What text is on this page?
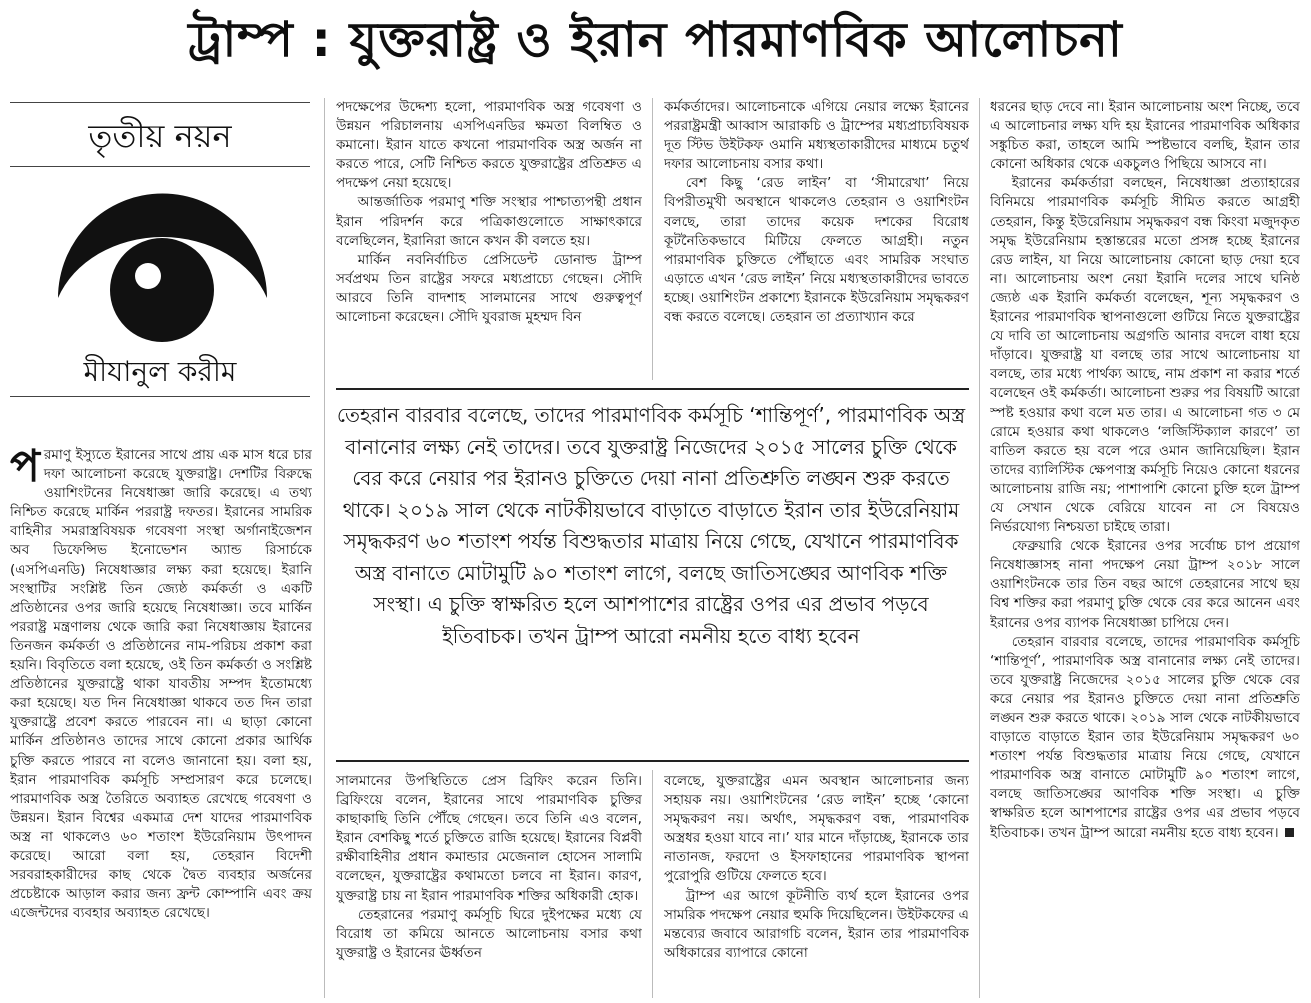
ট্রাম্প : যুক্তরাষ্ট্র ও ইরান পারমাণবিক আলোচনা
তৃতীয় নয়ন
মীযানুল করীম

পরমাণু ইস্যুতে ইরানের সাথে প্রায় এক মাস ধরে চার দফা আলোচনা করেছে যুক্তরাষ্ট্র। দেশটির বিরুদ্ধে ওয়াশিংটনের নিষেধাজ্ঞা জারি করেছে। এ তথ্য নিশ্চিত করেছে মার্কিন পররাষ্ট্র দফতর। ইরানের সামরিক বাহিনীর সমরাস্ত্রবিষয়ক গবেষণা সংস্থা অর্গানাইজেশন অব ডিফেন্সিভ ইনোভেশন অ্যান্ড রিসার্চকে (এসপিএনডি) নিষেধাজ্ঞার লক্ষ্য করা হয়েছে। ইরানি সংস্থাটির সংশ্লিষ্ট তিন জ্যেষ্ঠ কর্মকর্তা ও একটি প্রতিষ্ঠানের ওপর জারি হয়েছে নিষেধাজ্ঞা। তবে মার্কিন পররাষ্ট্র মন্ত্রণালয় থেকে জারি করা নিষেধাজ্ঞায় ইরানের তিনজন কর্মকর্তা ও প্রতিষ্ঠানের নাম-পরিচয় প্রকাশ করা হয়নি। বিবৃতিতে বলা হয়েছে, ওই তিন কর্মকর্তা ও সংশ্লিষ্ট প্রতিষ্ঠানের যুক্তরাষ্ট্রে থাকা যাবতীয় সম্পদ ইতোমধ্যে করা হয়েছে। যত দিন নিষেধাজ্ঞা থাকবে তত দিন তারা যুক্তরাষ্ট্রে প্রবেশ করতে পারবেন না। এ ছাড়া কোনো মার্কিন প্রতিষ্ঠানও তাদের সাথে কোনো প্রকার আর্থিক চুক্তি করতে পারবে না বলেও জানানো হয়। বলা হয়, ইরান পারমাণবিক কর্মসূচি সম্প্রসারণ করে চলেছে। পারমাণবিক অস্ত্র তৈরিতে অব্যাহত রেখেছে গবেষণা ও উন্নয়ন। ইরান বিশ্বের একমাত্র দেশ যাদের পারমাণবিক অস্ত্র না থাকলেও ৬০ শতাংশ ইউরেনিয়াম উৎপাদন করেছে। আরো বলা হয়, তেহরান বিদেশী সরবরাহকারীদের কাছ থেকে দ্বৈত ব্যবহার অর্জনের প্রচেষ্টাকে আড়াল করার জন্য ফ্রন্ট কোম্পানি এবং ক্রয় এজেন্টদের ব্যবহার অব্যাহত রেখেছে।

পদক্ষেপের উদ্দেশ্য হলো, পারমাণবিক অস্ত্র গবেষণা ও উন্নয়ন পরিচালনায় এসপিএনডির ক্ষমতা বিলম্বিত ও কমানো। ইরান যাতে কখনো পারমাণবিক অস্ত্র অর্জন না করতে পারে, সেটি নিশ্চিত করতে যুক্তরাষ্ট্রের প্রতিশ্রুত এ পদক্ষেপ নেয়া হয়েছে।

আন্তর্জাতিক পরমাণু শক্তি সংস্থার পাশ্চাত্যপন্থী প্রধান ইরান পরিদর্শন করে পত্রিকাগুলোতে সাক্ষাৎকারে বলেছিলেন, ইরানিরা জানে কখন কী বলতে হয়।

মার্কিন নবনির্বাচিত প্রেসিডেন্ট ডোনাল্ড ট্রাম্প সর্বপ্রথম তিন রাষ্ট্রের সফরে মধ্যপ্রাচ্যে গেছেন। সৌদি আরবে তিনি বাদশাহ সালমানের সাথে গুরুত্বপূর্ণ আলোচনা করেছেন। সৌদি যুবরাজ মুহম্মদ বিন

কর্মকর্তাদের। আলোচনাকে এগিয়ে নেয়ার লক্ষ্যে ইরানের পররাষ্ট্রমন্ত্রী আব্বাস আরাকচি ও ট্রাম্পের মধ্যপ্রাচ্যবিষয়ক দূত স্টিভ উইটকফ ওমানি মধ্যস্থতাকারীদের মাধ্যমে চতুর্থ দফার আলোচনায় বসার কথা।

বেশ কিছু ‘রেড লাইন’ বা ‘সীমারেখা’ নিয়ে বিপরীতমুখী অবস্থানে থাকলেও তেহরান ও ওয়াশিংটন বলছে, তারা তাদের কয়েক দশকের বিরোধ কূটনৈতিকভাবে মিটিয়ে ফেলতে আগ্রহী। নতুন পারমাণবিক চুক্তিতে পৌঁছাতে এবং সামরিক সংঘাত এড়াতে এখন ‘রেড লাইন’ নিয়ে মধ্যস্থতাকারীদের ভাবতে হচ্ছে। ওয়াশিংটন প্রকাশ্যে ইরানকে ইউরেনিয়াম সমৃদ্ধকরণ বন্ধ করতে বলেছে। তেহরান তা প্রত্যাখ্যান করে

তেহরান বারবার বলেছে, তাদের পারমাণবিক কর্মসূচি ‘শান্তিপূর্ণ’, পারমাণবিক অস্ত্র বানানোর লক্ষ্য নেই তাদের। তবে যুক্তরাষ্ট্র নিজেদের ২০১৫ সালের চুক্তি থেকে বের করে নেয়ার পর ইরানও চুক্তিতে দেয়া নানা প্রতিশ্রুতি লঙ্ঘন শুরু করতে থাকে। ২০১৯ সাল থেকে নাটকীয়ভাবে বাড়াতে বাড়াতে ইরান তার ইউরেনিয়াম সমৃদ্ধকরণ ৬০ শতাংশ পর্যন্ত বিশুদ্ধতার মাত্রায় নিয়ে গেছে, যেখানে পারমাণবিক অস্ত্র বানাতে মোটামুটি ৯০ শতাংশ লাগে, বলছে জাতিসঙ্ঘের আণবিক শক্তি সংস্থা। এ চুক্তি স্বাক্ষরিত হলে আশপাশের রাষ্ট্রের ওপর এর প্রভাব পড়বে ইতিবাচক। তখন ট্রাম্প আরো নমনীয় হতে বাধ্য হবেন

সালমানের উপস্থিতিতে প্রেস ব্রিফিং করেন তিনি। ব্রিফিংয়ে বলেন, ইরানের সাথে পারমাণবিক চুক্তির কাছাকাছি তিনি পৌঁছে গেছেন। তবে তিনি এও বলেন, ইরান বেশকিছু শর্তে চুক্তিতে রাজি হয়েছে। ইরানের বিপ্লবী রক্ষীবাহিনীর প্রধান কমান্ডার মেজেনাল হোসেন সালামি বলেছেন, যুক্তরাষ্ট্রের কথামতো চলবে না ইরান। কারণ, যুক্তরাষ্ট্র চায় না ইরান পারমাণবিক শক্তির অধিকারী হোক।

তেহরানের পরমাণু কর্মসূচি ঘিরে দুইপক্ষের মধ্যে যে বিরোধ তা কমিয়ে আনতে আলোচনায় বসার কথা যুক্তরাষ্ট্র ও ইরানের ঊর্ধ্বতন

বলেছে, যুক্তরাষ্ট্রের এমন অবস্থান আলোচনার জন্য সহায়ক নয়। ওয়াশিংটনের ‘রেড লাইন’ হচ্ছে ‘কোনো সমৃদ্ধকরণ নয়। অর্থাৎ, সমৃদ্ধকরণ বন্ধ, পারমাণবিক অস্ত্রধর হওয়া যাবে না।’ যার মানে দাঁড়াচ্ছে, ইরানকে তার নাতানজ, ফরদো ও ইসফাহানের পারমাণবিক স্থাপনা পুরোপুরি গুটিয়ে ফেলতে হবে।

ট্রাম্প এর আগে কূটনীতি ব্যর্থ হলে ইরানের ওপর সামরিক পদক্ষেপ নেয়ার হুমকি দিয়েছিলেন। উইটকফের এ মন্তব্যের জবাবে আরাগচি বলেন, ইরান তার পারমাণবিক অধিকারের ব্যাপারে কোনো

ধরনের ছাড় দেবে না। ইরান আলোচনায় অংশ নিচ্ছে, তবে এ আলোচনার লক্ষ্য যদি হয় ইরানের পারমাণবিক অধিকার সঙ্কুচিত করা, তাহলে আমি স্পষ্টভাবে বলছি, ইরান তার কোনো অধিকার থেকে একচুলও পিছিয়ে আসবে না।

ইরানের কর্মকর্তারা বলছেন, নিষেধাজ্ঞা প্রত্যাহারের বিনিময়ে পারমাণবিক কর্মসূচি সীমিত করতে আগ্রহী তেহরান, কিন্তু ইউরেনিয়াম সমৃদ্ধকরণ বন্ধ কিংবা মজুদকৃত সমৃদ্ধ ইউরেনিয়াম হস্তান্তরের মতো প্রসঙ্গ হচ্ছে ইরানের রেড লাইন, যা নিয়ে আলোচনায় কোনো ছাড় দেয়া হবে না। আলোচনায় অংশ নেয়া ইরানি দলের সাথে ঘনিষ্ঠ জ্যেষ্ঠ এক ইরানি কর্মকর্তা বলেছেন, শূন্য সমৃদ্ধকরণ ও ইরানের পারমাণবিক স্থাপনাগুলো গুটিয়ে নিতে যুক্তরাষ্ট্রের যে দাবি তা আলোচনায় অগ্রগতি আনার বদলে বাধা হয়ে দাঁড়াবে। যুক্তরাষ্ট্র যা বলছে তার সাথে আলোচনায় যা বলছে, তার মধ্যে পার্থক্য আছে, নাম প্রকাশ না করার শর্তে বলেছেন ওই কর্মকর্তা। আলোচনা শুরুর পর বিষয়টি আরো স্পষ্ট হওয়ার কথা বলে মত তার। এ আলোচনা গত ৩ মে রোমে হওয়ার কথা থাকলেও ‘লজিস্টিক্যাল কারণে’ তা বাতিল করতে হয় বলে পরে ওমান জানিয়েছিল। ইরান তাদের ব্যালিস্টিক ক্ষেপণাস্ত্র কর্মসূচি নিয়েও কোনো ধরনের আলোচনায় রাজি নয়; পাশাপাশি কোনো চুক্তি হলে ট্রাম্প যে সেখান থেকে বেরিয়ে যাবেন না সে বিষয়েও নির্ভরযোগ্য নিশ্চয়তা চাইছে তারা।

ফেব্রুয়ারি থেকে ইরানের ওপর সর্বোচ্চ চাপ প্রয়োগ নিষেধাজ্ঞাসহ নানা পদক্ষেপ নেয়া ট্রাম্প ২০১৮ সালে ওয়াশিংটনকে তার তিন বছর আগে তেহরানের সাথে ছয় বিশ্ব শক্তির করা পরমাণু চুক্তি থেকে বের করে আনেন এবং ইরানের ওপর ব্যাপক নিষেধাজ্ঞা চাপিয়ে দেন।

তেহরান বারবার বলেছে, তাদের পারমাণবিক কর্মসূচি ‘শান্তিপূর্ণ’, পারমাণবিক অস্ত্র বানানোর লক্ষ্য নেই তাদের। তবে যুক্তরাষ্ট্র নিজেদের ২০১৫ সালের চুক্তি থেকে বের করে নেয়ার পর ইরানও চুক্তিতে দেয়া নানা প্রতিশ্রুতি লঙ্ঘন শুরু করতে থাকে। ২০১৯ সাল থেকে নাটকীয়ভাবে বাড়াতে বাড়াতে ইরান তার ইউরেনিয়াম সমৃদ্ধকরণ ৬০ শতাংশ পর্যন্ত বিশুদ্ধতার মাত্রায় নিয়ে গেছে, যেখানে পারমাণবিক অস্ত্র বানাতে মোটামুটি ৯০ শতাংশ লাগে, বলছে জাতিসঙ্ঘের আণবিক শক্তি সংস্থা। এ চুক্তি স্বাক্ষরিত হলে আশপাশের রাষ্ট্রের ওপর এর প্রভাব পড়বে ইতিবাচক। তখন ট্রাম্প আরো নমনীয় হতে বাধ্য হবেন।
